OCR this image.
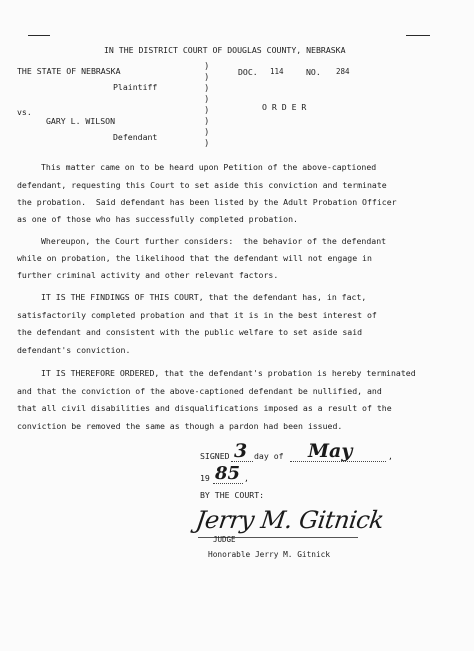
IN THE DISTRICT COURT OF DOUGLAS COUNTY, NEBRASKA
THE STATE OF NEBRASKA
Plaintiff
vs.
GARY L. WILSON
Defendant
)
)
)
)
)
)
)
)
DOC. 114	NO. 284
O R D E R
This matter came on to be heard upon Petition of the above-captioned
defendant, requesting this Court to set aside this conviction and terminate
the probation.  Said defendant has been listed by the Adult Probation Officer
as one of those who has successfully completed probation.
Whereupon, the Court further considers:  the behavior of the defendant
while on probation, the likelihood that the defendant will not engage in
further criminal activity and other relevant factors.
IT IS THE FINDINGS OF THIS COURT, that the defendant has, in fact,
satisfactorily completed probation and that it is in the best interest of
the defendant and consistent with the public welfare to set aside said
defendant's conviction.
IT IS THEREFORE ORDERED, that the defendant's probation is hereby terminated
and that the conviction of the above-captioned defendant be nullified, and
that all civil disabilities and disqualifications imposed as a result of the
conviction be removed the same as though a pardon had been issued.
SIGNED 3 day of May	,
19 85 ,
BY THE COURT:
Jerry M. Gitnick
JUDGE
Honorable Jerry M. Gitnick
